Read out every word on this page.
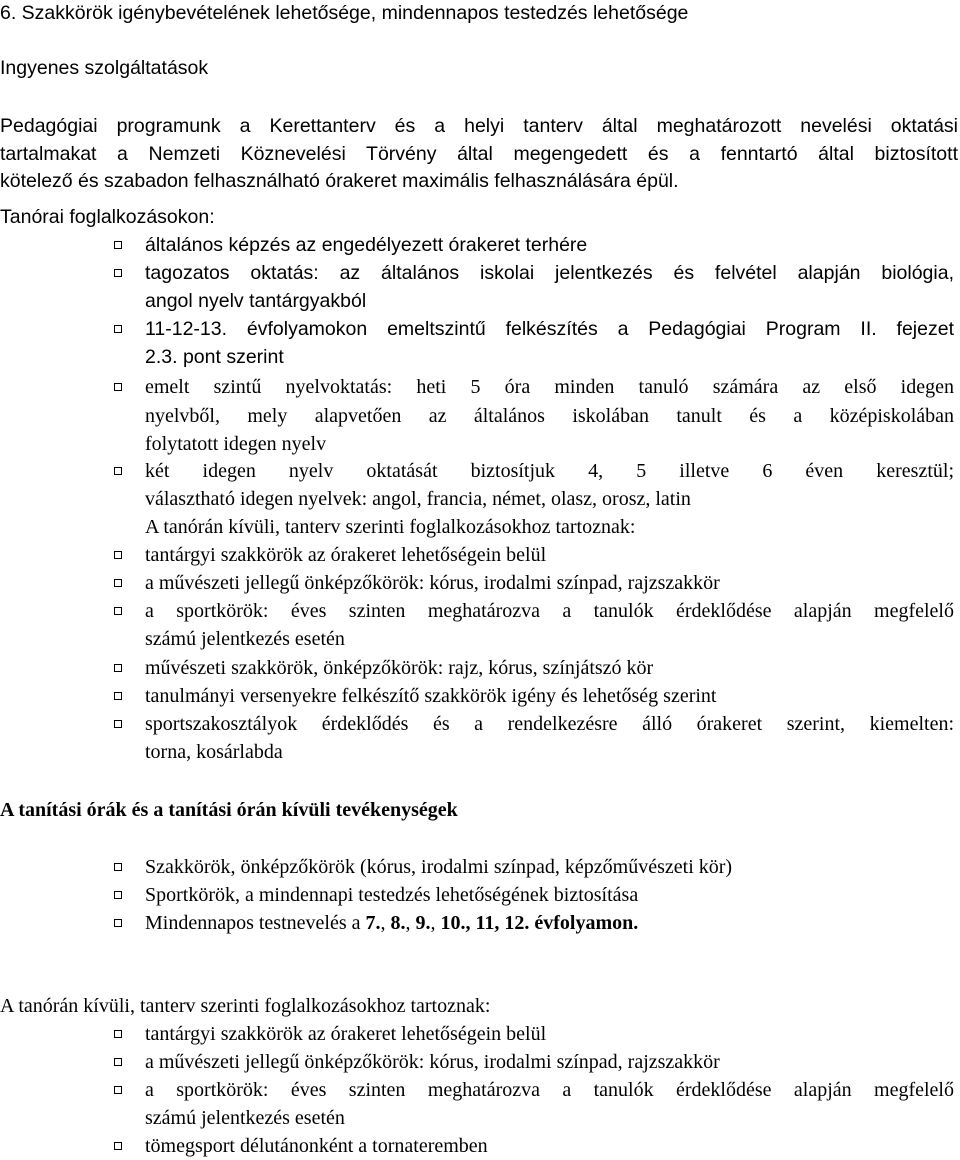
6. Szakkörök igénybevételének lehetősége, mindennapos testedzés lehetősége
Ingyenes szolgáltatások
Pedagógiai programunk a Kerettanterv és a helyi tanterv által meghatározott nevelési oktatási
tartalmakat a Nemzeti Köznevelési Törvény által megengedett és a fenntartó által biztosított
kötelező és szabadon felhasználható órakeret maximális felhasználására épül.
Tanórai foglalkozásokon:
általános képzés az engedélyezett órakeret terhére
tagozatos oktatás: az általános iskolai jelentkezés és felvétel alapján biológia,
angol nyelv tantárgyakból
11-12-13. évfolyamokon emeltszintű felkészítés a Pedagógiai Program II. fejezet
2.3. pont szerint
emelt szintű nyelvoktatás: heti 5 óra minden tanuló számára az első idegen
nyelvből, mely alapvetően az általános iskolában tanult és a középiskolában
folytatott idegen nyelv
két idegen nyelv oktatását biztosítjuk 4, 5 illetve 6 éven keresztül;
választható idegen nyelvek: angol, francia, német, olasz, orosz, latin
A tanórán kívüli, tanterv szerinti foglalkozásokhoz tartoznak:
tantárgyi szakkörök az órakeret lehetőségein belül
a művészeti jellegű önképzőkörök: kórus, irodalmi színpad, rajzszakkör
a sportkörök: éves szinten meghatározva a tanulók érdeklődése alapján megfelelő
számú jelentkezés esetén
művészeti szakkörök, önképzőkörök: rajz, kórus, színjátszó kör
tanulmányi versenyekre felkészítő szakkörök igény és lehetőség szerint
sportszakosztályok érdeklődés és a rendelkezésre álló órakeret szerint, kiemelten:
torna, kosárlabda
A tanítási órák és a tanítási órán kívüli tevékenységek
Szakkörök, önképzőkörök (kórus, irodalmi színpad, képzőművészeti kör)
Sportkörök, a mindennapi testedzés lehetőségének biztosítása
Mindennapos testnevelés a 7., 8., 9., 10., 11, 12. évfolyamon.
A tanórán kívüli, tanterv szerinti foglalkozásokhoz tartoznak:
tantárgyi szakkörök az órakeret lehetőségein belül
a művészeti jellegű önképzőkörök: kórus, irodalmi színpad, rajzszakkör
a sportkörök: éves szinten meghatározva a tanulók érdeklődése alapján megfelelő
számú jelentkezés esetén
tömegsport délutánonként a tornateremben
